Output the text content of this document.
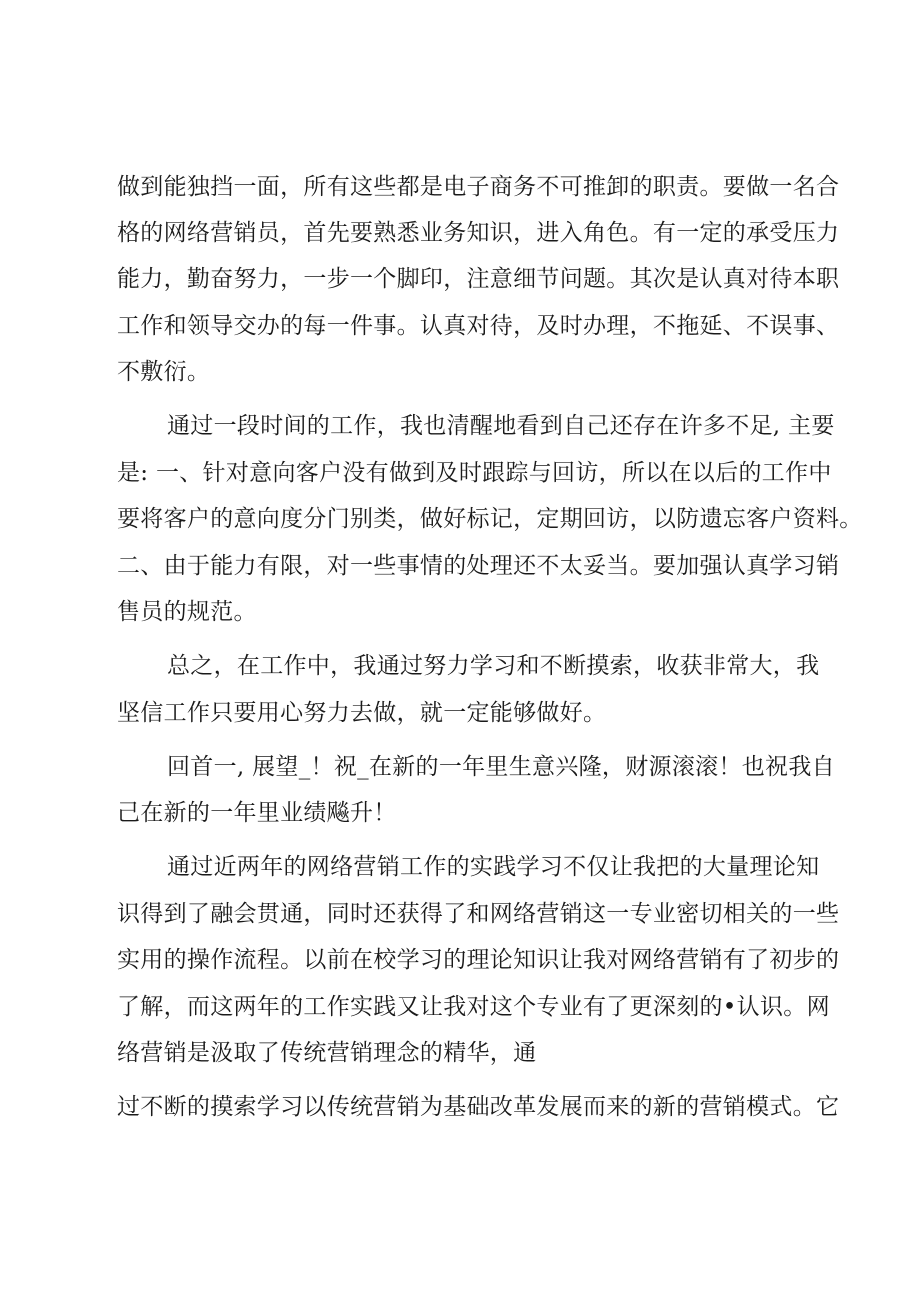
做到能独挡一面，所有这些都是电子商务不可推卸的职责。要做一名合
格的网络营销员，首先要熟悉业务知识，进入角色。有一定的承受压力
能力，勤奋努力，一步一个脚印，注意细节问题。其次是认真对待本职
工作和领导交办的每一件事。认真对待，及时办理，不拖延、不误事、
不敷衍。
通过一段时间的工作，我也清醒地看到自己还存在许多不足, 主要
是: 一、针对意向客户没有做到及时跟踪与回访，所以在以后的工作中
要将客户的意向度分门别类，做好标记，定期回访，以防遗忘客户资料。
二、由于能力有限，对一些事情的处理还不太妥当。要加强认真学习销
售员的规范。
总之，在工作中，我通过努力学习和不断摸索，收获非常大，我
坚信工作只要用心努力去做，就一定能够做好。
回首一, 展望_！祝_在新的一年里生意兴隆，财源滚滚！也祝我自
己在新的一年里业绩飚升！
通过近两年的网络营销工作的实践学习不仅让我把的大量理论知
识得到了融会贯通，同时还获得了和网络营销这一专业密切相关的一些
实用的操作流程。以前在校学习的理论知识让我对网络营销有了初步的
了解，而这两年的工作实践又让我对这个专业有了更深刻的•认识。网
络营销是汲取了传统营销理念的精华，通
过不断的摸索学习以传统营销为基础改革发展而来的新的营销模式。它
